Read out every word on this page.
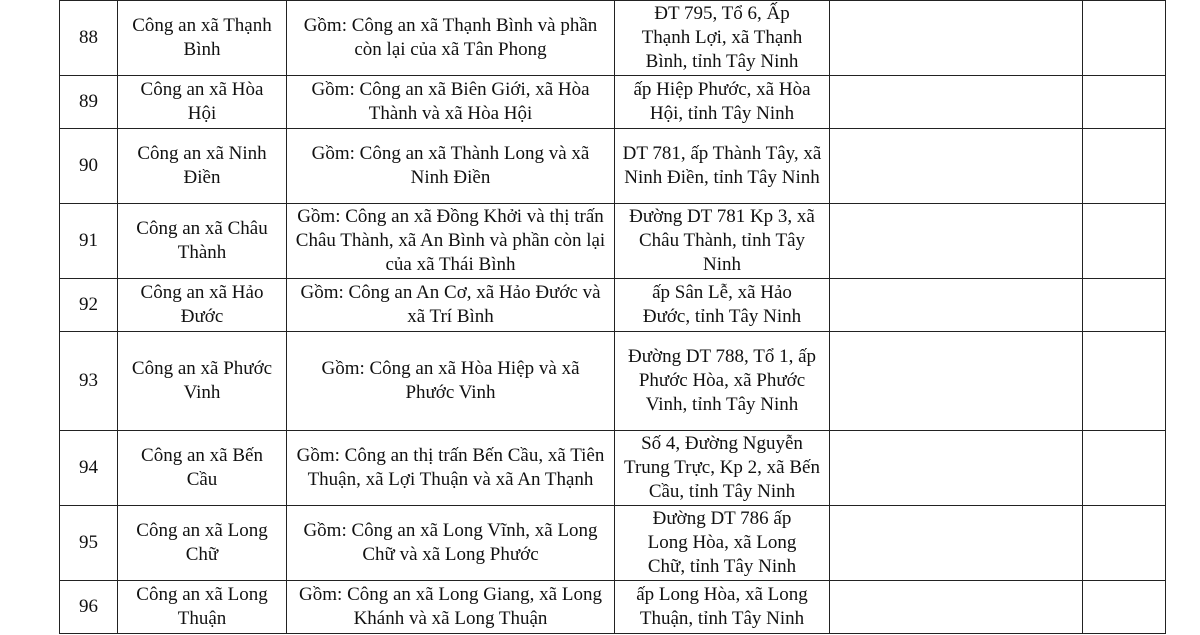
88	Công an xã Thạnh Bình	Gồm: Công an xã Thạnh Bình và phần còn lại của xã Tân Phong	ĐT 795, Tổ 6, Ấp Thạnh Lợi, xã Thạnh Bình, tỉnh Tây Ninh		
89	Công an xã Hòa Hội	Gồm: Công an xã Biên Giới, xã Hòa Thành và xã Hòa Hội	ấp Hiệp Phước, xã Hòa Hội, tỉnh Tây Ninh		
90	Công an xã Ninh Điền	Gồm: Công an xã Thành Long và xã Ninh Điền	DT 781, ấp Thành Tây, xã Ninh Điền, tỉnh Tây Ninh		
91	Công an xã Châu Thành	Gồm: Công an xã Đồng Khởi và thị trấn Châu Thành, xã An Bình và phần còn lại của xã Thái Bình	Đường DT 781 Kp 3, xã Châu Thành, tỉnh Tây Ninh		
92	Công an xã Hảo Đước	Gồm: Công an An Cơ, xã Hảo Đước và xã Trí Bình	ấp Sân Lễ, xã Hảo Đước, tỉnh Tây Ninh		
93	Công an xã Phước Vinh	Gồm: Công an xã Hòa Hiệp và xã Phước Vinh	Đường DT 788, Tổ 1, ấp Phước Hòa, xã Phước Vinh, tỉnh Tây Ninh		
94	Công an xã Bến Cầu	Gồm: Công an thị trấn Bến Cầu, xã Tiên Thuận, xã Lợi Thuận và xã An Thạnh	Số 4, Đường Nguyễn Trung Trực, Kp 2, xã Bến Cầu, tỉnh Tây Ninh		
95	Công an xã Long Chữ	Gồm: Công an xã Long Vĩnh, xã Long Chữ và xã Long Phước	Đường DT 786 ấp Long Hòa, xã Long Chữ, tỉnh Tây Ninh		
96	Công an xã Long Thuận	Gồm: Công an xã Long Giang, xã Long Khánh và xã Long Thuận	ấp Long Hòa, xã Long Thuận, tỉnh Tây Ninh		
